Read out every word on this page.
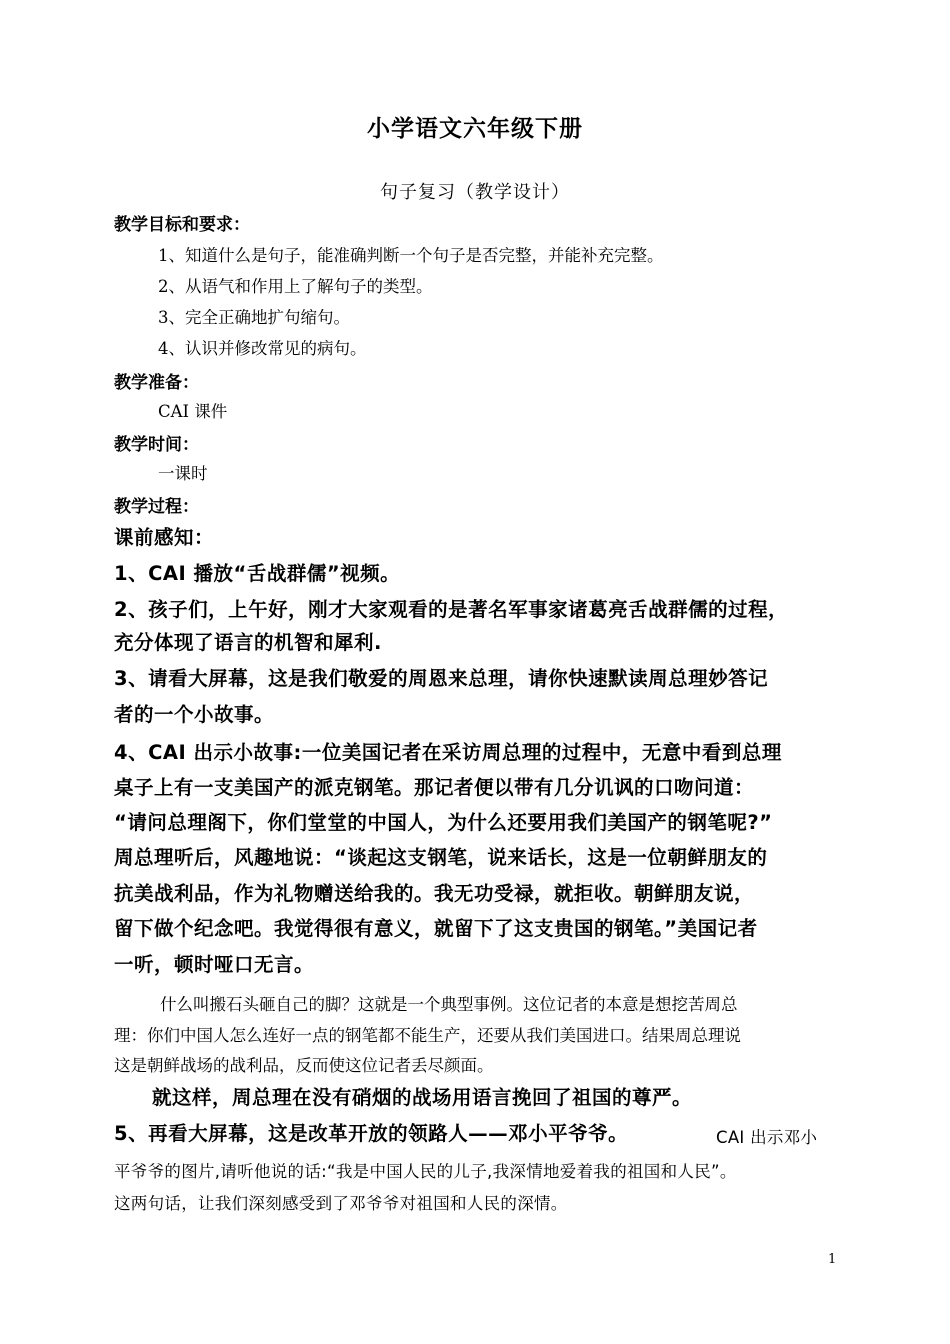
小学语文六年级下册
句子复习（教学设计）
教学目标和要求：
1、知道什么是句子，能准确判断一个句子是否完整，并能补充完整。
2、从语气和作用上了解句子的类型。
3、完全正确地扩句缩句。
4、认识并修改常见的病句。
教学准备：
CAI 课件
教学时间：
一课时
教学过程：
课前感知：
1、CAI 播放“舌战群儒”视频。
2、孩子们，上午好，刚才大家观看的是著名军事家诸葛亮舌战群儒的过程，
充分体现了语言的机智和犀利.
3、请看大屏幕，这是我们敬爱的周恩来总理，请你快速默读周总理妙答记
者的一个小故事。
4、CAI 出示小故事:一位美国记者在采访周总理的过程中，无意中看到总理
桌子上有一支美国产的派克钢笔。那记者便以带有几分讥讽的口吻问道：
“请问总理阁下，你们堂堂的中国人，为什么还要用我们美国产的钢笔呢?”
周总理听后，风趣地说：“谈起这支钢笔，说来话长，这是一位朝鲜朋友的
抗美战利品，作为礼物赠送给我的。我无功受禄，就拒收。朝鲜朋友说，
留下做个纪念吧。我觉得很有意义，就留下了这支贵国的钢笔。”美国记者
一听，顿时哑口无言。
什么叫搬石头砸自己的脚？这就是一个典型事例。这位记者的本意是想挖苦周总
理：你们中国人怎么连好一点的钢笔都不能生产，还要从我们美国进口。结果周总理说
这是朝鲜战场的战利品，反而使这位记者丢尽颜面。
就这样，周总理在没有硝烟的战场用语言挽回了祖国的尊严。
5、再看大屏幕，这是改革开放的领路人——邓小平爷爷。	CAI 出示邓小
平爷爷的图片,请听他说的话:“我是中国人民的儿子,我深情地爱着我的祖国和人民”。
这两句话，让我们深刻感受到了邓爷爷对祖国和人民的深情。
1
